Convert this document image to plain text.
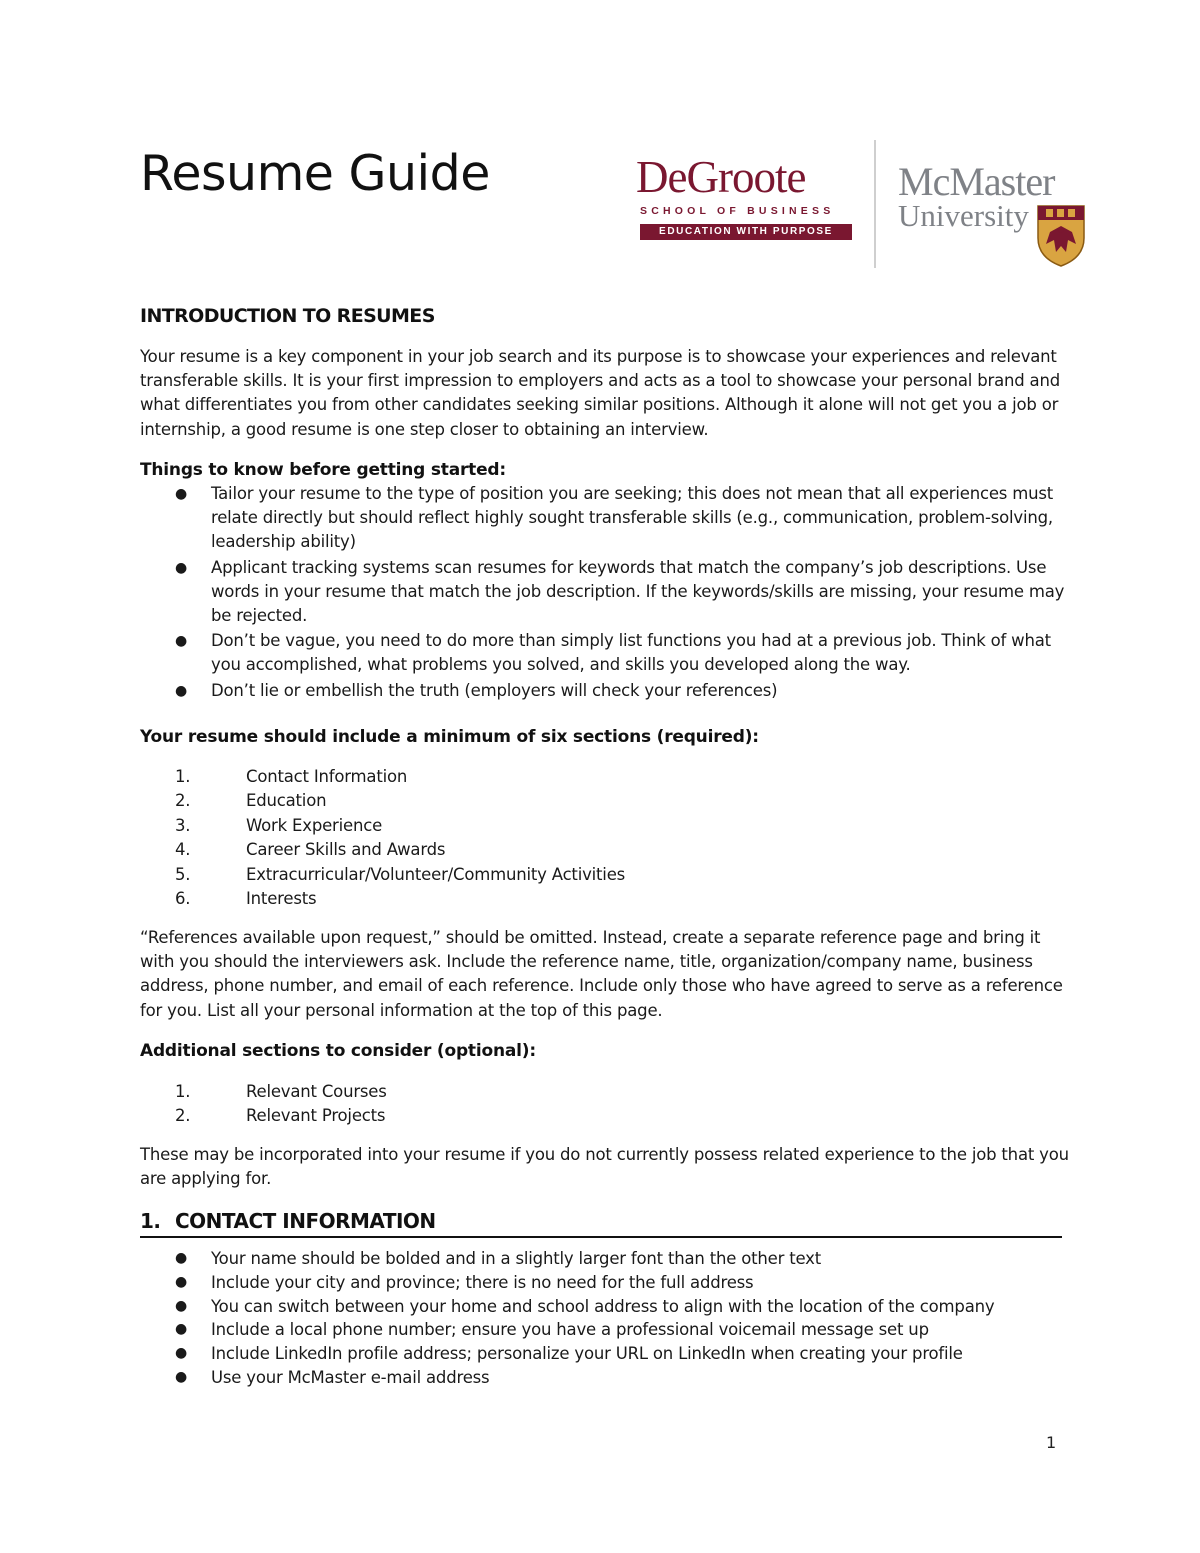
Resume Guide	DeGroote
SCHOOL OF BUSINESS
EDUCATION WITH PURPOSE
McMaster
University
INTRODUCTION TO RESUMES

Your resume is a key component in your job search and its purpose is to showcase your experiences and relevant transferable skills. It is your first impression to employers and acts as a tool to showcase your personal brand and what differentiates you from other candidates seeking similar positions. Although it alone will not get you a job or internship, a good resume is one step closer to obtaining an interview.

Things to know before getting started:
● Tailor your resume to the type of position you are seeking; this does not mean that all experiences must relate directly but should reflect highly sought transferable skills (e.g., communication, problem-solving, leadership ability)
● Applicant tracking systems scan resumes for keywords that match the company’s job descriptions. Use words in your resume that match the job description. If the keywords/skills are missing, your resume may be rejected.
● Don’t be vague, you need to do more than simply list functions you had at a previous job. Think of what you accomplished, what problems you solved, and skills you developed along the way.
● Don’t lie or embellish the truth (employers will check your references)
Your resume should include a minimum of six sections (required):
1.	Contact Information
2.	Education
3.	Work Experience
4.	Career Skills and Awards
5.	Extracurricular/Volunteer/Community Activities
6.	Interests

“References available upon request,” should be omitted. Instead, create a separate reference page and bring it with you should the interviewers ask. Include the reference name, title, organization/company name, business address, phone number, and email of each reference. Include only those who have agreed to serve as a reference for you. List all your personal information at the top of this page.

Additional sections to consider (optional):
1.	Relevant Courses
2.	Relevant Projects

These may be incorporated into your resume if you do not currently possess related experience to the job that you are applying for.

1. CONTACT INFORMATION
● Your name should be bolded and in a slightly larger font than the other text
● Include your city and province; there is no need for the full address
● You can switch between your home and school address to align with the location of the company
● Include a local phone number; ensure you have a professional voicemail message set up
● Include LinkedIn profile address; personalize your URL on LinkedIn when creating your profile
● Use your McMaster e-mail address
1
